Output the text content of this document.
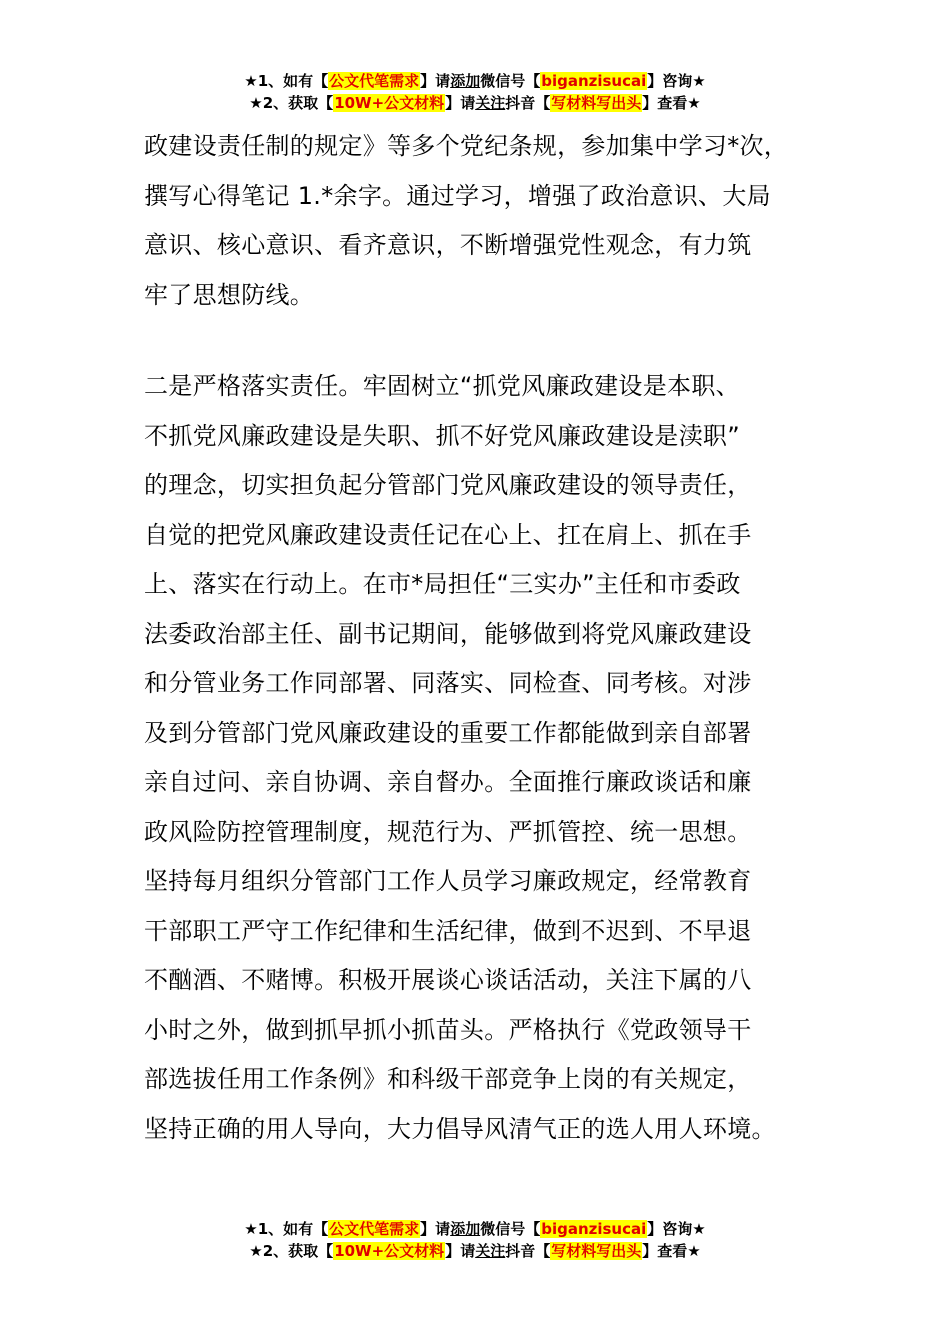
★1、如有【公文代笔需求】请添加微信号【biganzisucai】咨询★
★2、获取【10W+公文材料】请关注抖音【写材料写出头】查看★
政建设责任制的规定》等多个党纪条规，参加集中学习*次，
撰写心得笔记 1.*余字。通过学习，增强了政治意识、大局
意识、核心意识、看齐意识，不断增强党性观念，有力筑
牢了思想防线。
二是严格落实责任。牢固树立“抓党风廉政建设是本职、
不抓党风廉政建设是失职、抓不好党风廉政建设是渎职”
的理念，切实担负起分管部门党风廉政建设的领导责任，
自觉的把党风廉政建设责任记在心上、扛在肩上、抓在手
上、落实在行动上。在市*局担任“三实办”主任和市委政
法委政治部主任、副书记期间，能够做到将党风廉政建设
和分管业务工作同部署、同落实、同检查、同考核。对涉
及到分管部门党风廉政建设的重要工作都能做到亲自部署
亲自过问、亲自协调、亲自督办。全面推行廉政谈话和廉
政风险防控管理制度，规范行为、严抓管控、统一思想。
坚持每月组织分管部门工作人员学习廉政规定，经常教育
干部职工严守工作纪律和生活纪律，做到不迟到、不早退
不酗酒、不赌博。积极开展谈心谈话活动，关注下属的八
小时之外，做到抓早抓小抓苗头。严格执行《党政领导干
部选拔任用工作条例》和科级干部竞争上岗的有关规定，
坚持正确的用人导向，大力倡导风清气正的选人用人环境。
★1、如有【公文代笔需求】请添加微信号【biganzisucai】咨询★
★2、获取【10W+公文材料】请关注抖音【写材料写出头】查看★
